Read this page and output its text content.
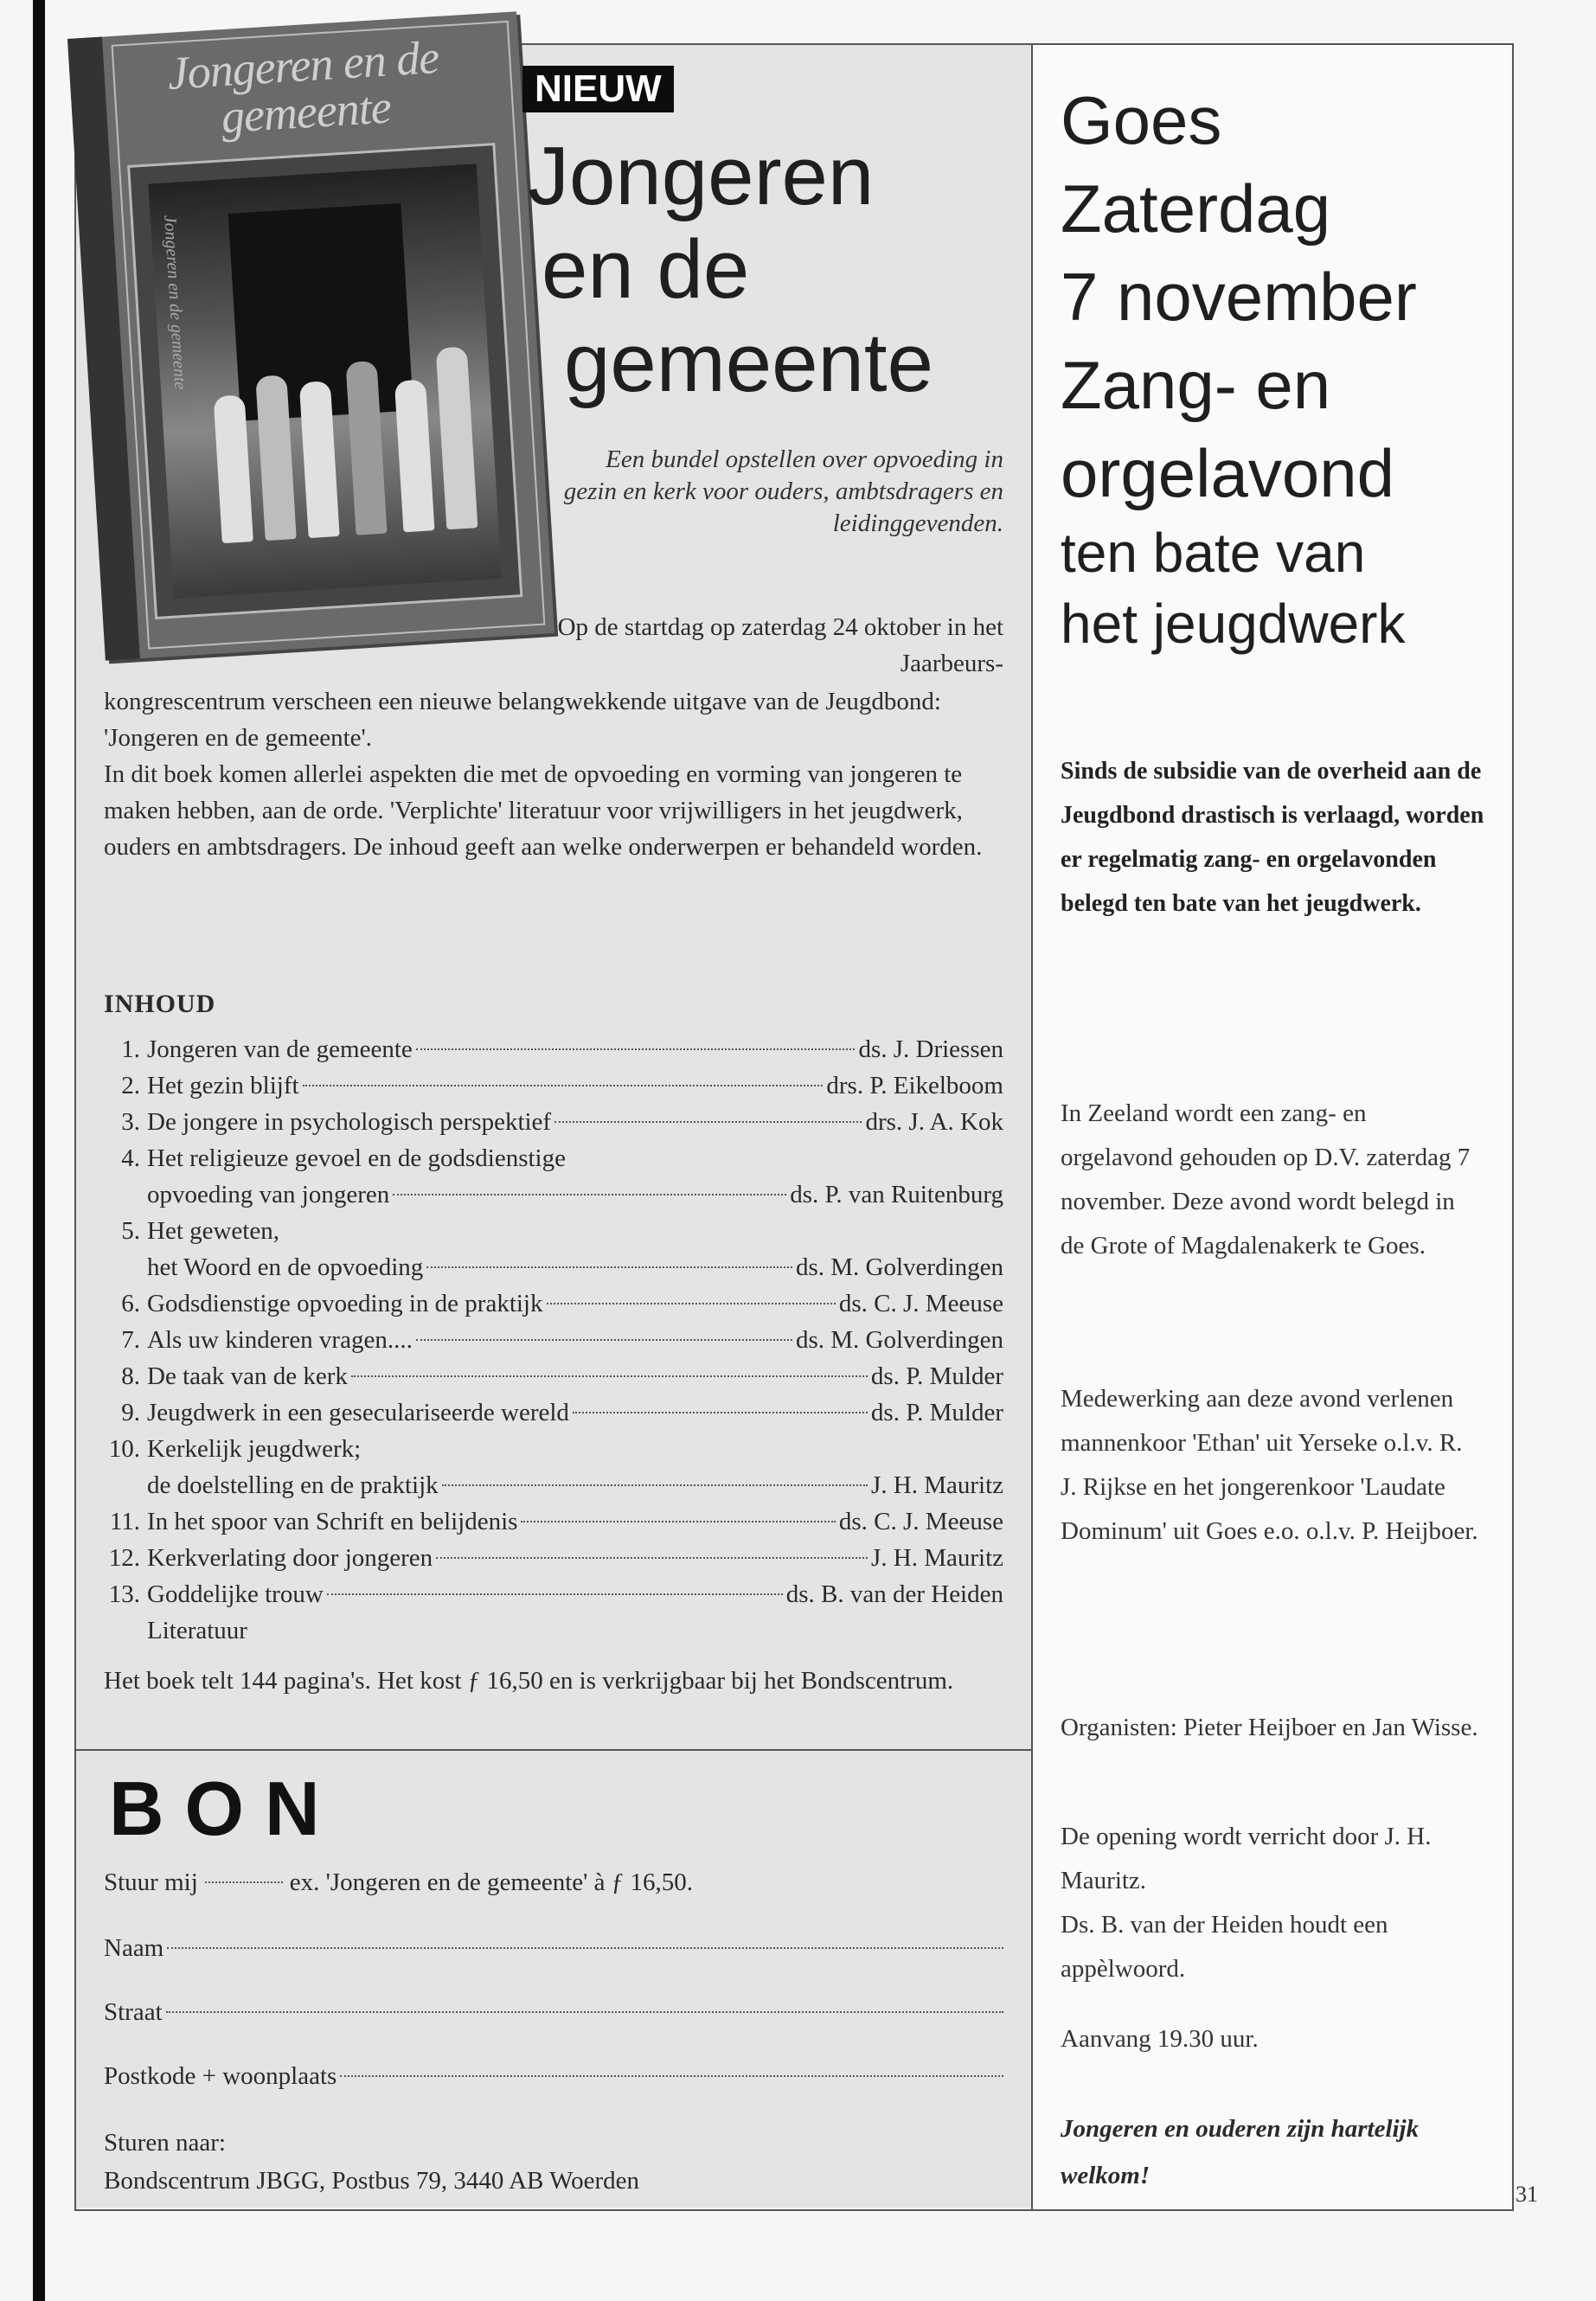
Jongeren en de gemeente
Jongeren en de gemeente
NIEUW
Jongeren
en de
gemeente
Een bundel opstellen over opvoeding in gezin en kerk voor ouders, ambtsdragers en leidinggevenden.
Op de startdag op zaterdag 24 oktober in het Jaarbeurs-
kongrescentrum verscheen een nieuwe belangwekkende uitgave van de Jeugdbond: 'Jongeren en de gemeente'.
In dit boek komen allerlei aspekten die met de opvoeding en vorming van jongeren te maken hebben, aan de orde. 'Verplichte' literatuur voor vrijwilligers in het jeugdwerk, ouders en ambtsdragers. De inhoud geeft aan welke onderwerpen er behandeld worden.
INHOUD
1. Jongeren van de gemeente	ds. J. Driessen
2. Het gezin blijft	drs. P. Eikelboom
3. De jongere in psychologisch perspektief	drs. J. A. Kok
4. Het religieuze gevoel en de godsdienstige
opvoeding van jongeren	ds. P. van Ruitenburg
5. Het geweten,
het Woord en de opvoeding	ds. M. Golverdingen
6. Godsdienstige opvoeding in de praktijk	ds. C. J. Meeuse
7. Als uw kinderen vragen....	ds. M. Golverdingen
8. De taak van de kerk	ds. P. Mulder
9. Jeugdwerk in een geseculariseerde wereld	ds. P. Mulder
10. Kerkelijk jeugdwerk;
de doelstelling en de praktijk	J. H. Mauritz
11. In het spoor van Schrift en belijdenis	ds. C. J. Meeuse
12. Kerkverlating door jongeren	J. H. Mauritz
13. Goddelijke trouw	ds. B. van der Heiden
Literatuur
Het boek telt 144 pagina's. Het kost ƒ 16,50 en is verkrijgbaar bij het Bondscentrum.
BON
Stuur mij	ex. 'Jongeren en de gemeente' à ƒ 16,50.
Naam
Straat
Postkode + woonplaats
Sturen naar:
Bondscentrum JBGG, Postbus 79, 3440 AB Woerden
Goes
Zaterdag
7 november
Zang- en
orgelavond
ten bate van
het jeugdwerk
Sinds de subsidie van de overheid aan de Jeugdbond drastisch is verlaagd, worden er regelmatig zang- en orgelavonden belegd ten bate van het jeugdwerk.
In Zeeland wordt een zang- en orgelavond gehouden op D.V. zaterdag 7 november. Deze avond wordt belegd in de Grote of Magdalenakerk te Goes.
Medewerking aan deze avond verlenen mannenkoor 'Ethan' uit Yerseke o.l.v. R. J. Rijkse en het jongerenkoor 'Laudate Dominum' uit Goes e.o. o.l.v. P. Heijboer.
Organisten: Pieter Heijboer en Jan Wisse.
De opening wordt verricht door J. H. Mauritz.
Ds. B. van der Heiden houdt een appèlwoord.
Aanvang 19.30 uur.
Jongeren en ouderen zijn hartelijk welkom!
31
